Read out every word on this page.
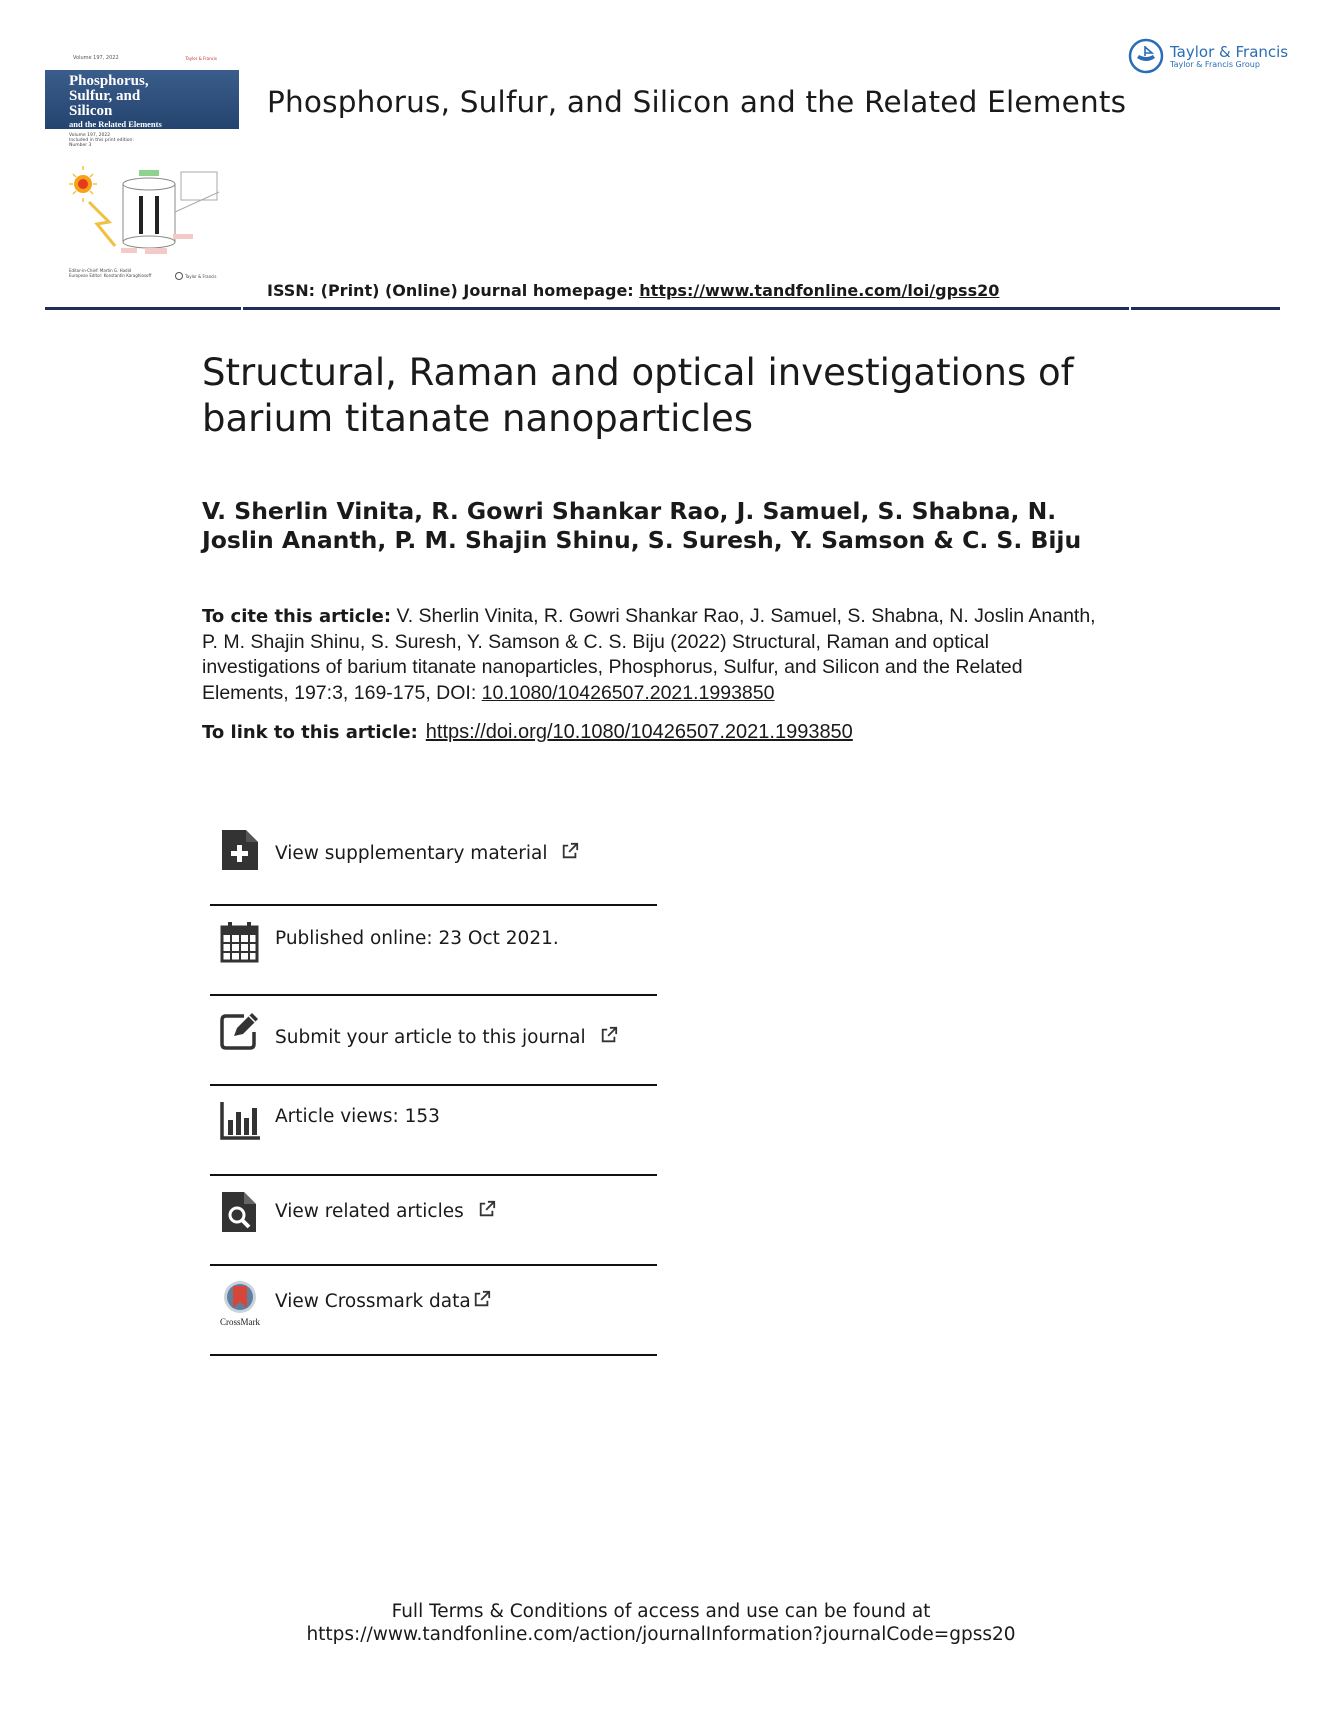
Volume 197, 2022	Taylor & Francis
Phosphorus,
Sulfur, and
Silicon
and the Related Elements
Volume 197, 2022
Included in this print edition:
Number 3
Editor-in-Chief: Martin G. Hadid
European Editor: Konstantin Karaghiosoff	Taylor & Francis
Phosphorus, Sulfur, and Silicon and the Related Elements
Taylor & Francis
Taylor & Francis Group
ISSN: (Print) (Online) Journal homepage: https://www.tandfonline.com/loi/gpss20
Structural, Raman and optical investigations of barium titanate nanoparticles
V. Sherlin Vinita, R. Gowri Shankar Rao, J. Samuel, S. Shabna, N. Joslin Ananth, P. M. Shajin Shinu, S. Suresh, Y. Samson & C. S. Biju
To cite this article: V. Sherlin Vinita, R. Gowri Shankar Rao, J. Samuel, S. Shabna, N. Joslin Ananth, P. M. Shajin Shinu, S. Suresh, Y. Samson & C. S. Biju (2022) Structural, Raman and optical investigations of barium titanate nanoparticles, Phosphorus, Sulfur, and Silicon and the Related Elements, 197:3, 169-175, DOI: 10.1080/10426507.2021.1993850
To link to this article: https://doi.org/10.1080/10426507.2021.1993850
View supplementary material
Published online: 23 Oct 2021.
Submit your article to this journal
Article views: 153
View related articles
CrossMark
View Crossmark data
Full Terms & Conditions of access and use can be found at
https://www.tandfonline.com/action/journalInformation?journalCode=gpss20
